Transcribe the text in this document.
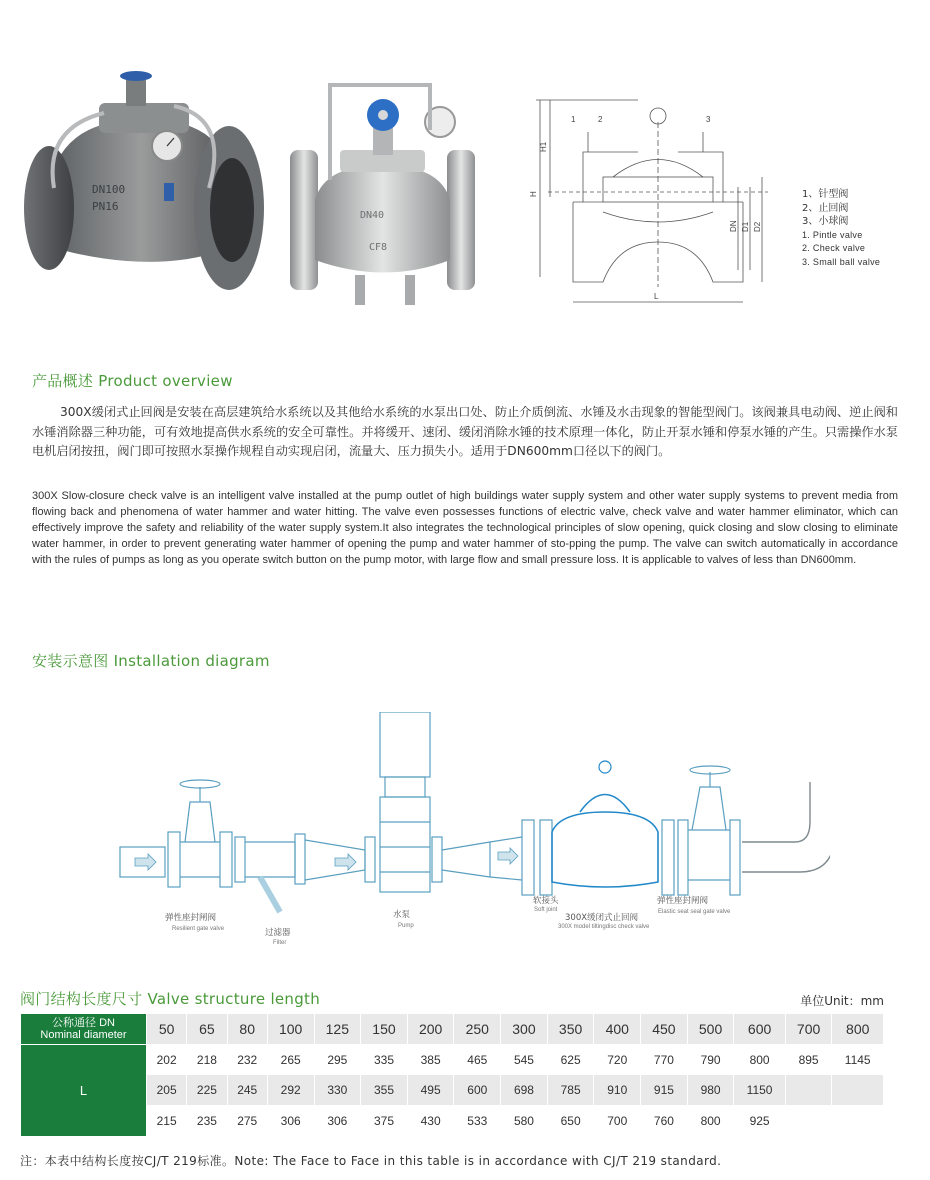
DN100
PN16
DN40
CF8
1	2	3
H1
H
DN D1 D2
L
1、针型阀
2、止回阀
3、小球阀
1. Pintle valve
2. Check valve
3. Small ball valve
产品概述 Product overview
300X缓闭式止回阀是安装在高层建筑给水系统以及其他给水系统的水泵出口处、防止介质倒流、水锤及水击现象的智能型阀门。该阀兼具电动阀、逆止阀和水锤消除器三种功能，可有效地提高供水系统的安全可靠性。并将缓开、速闭、缓闭消除水锤的技术原理一体化，防止开泵水锤和停泵水锤的产生。只需操作水泵电机启闭按扭，阀门即可按照水泵操作规程自动实现启闭，流量大、压力损失小。适用于DN600mm口径以下的阀门。
300X Slow-closure check valve is an intelligent valve installed at the pump outlet of high buildings water supply system and other water supply systems to prevent media from flowing back and phenomena of water hammer and water hitting. The valve even possesses functions of electric valve, check valve and water hammer eliminator, which can effectively improve the safety and reliability of the water supply system.It also integrates the technological principles of slow opening, quick closing and slow closing to eliminate water hammer, in order to prevent generating water hammer of opening the pump and water hammer of sto-pping the pump. The valve can switch automatically in accordance with the rules of pumps as long as you operate switch button on the pump motor, with large flow and small pressure loss. It is applicable to valves of less than DN600mm.
安装示意图 Installation diagram
弹性座封闸阀
Resilient gate valve	过滤器
Filter
水泵
Pump
软接头
Soft joint
300X缓闭式止回阀
300X model tiltingdisc check valve
弹性座封闸阀
Elastic seat seal gate valve
阀门结构长度尺寸 Valve structure length	单位Unit：mm
公称通径 DN
Nominal diameter	50	65	80	100	125	150	200	250	300	350	400	450	500	600	700	800
L	202	218	232	265	295	335	385	465	545	625	720	770	790	800	895	1145
	205	225	245	292	330	355	495	600	698	785	910	915	980	1150		
	215	235	275	306	306	375	430	533	580	650	700	760	800	925		
注：本表中结构长度按CJ/T 219标准。Note: The Face to Face in this table is in accordance with CJ/T 219 standard.
